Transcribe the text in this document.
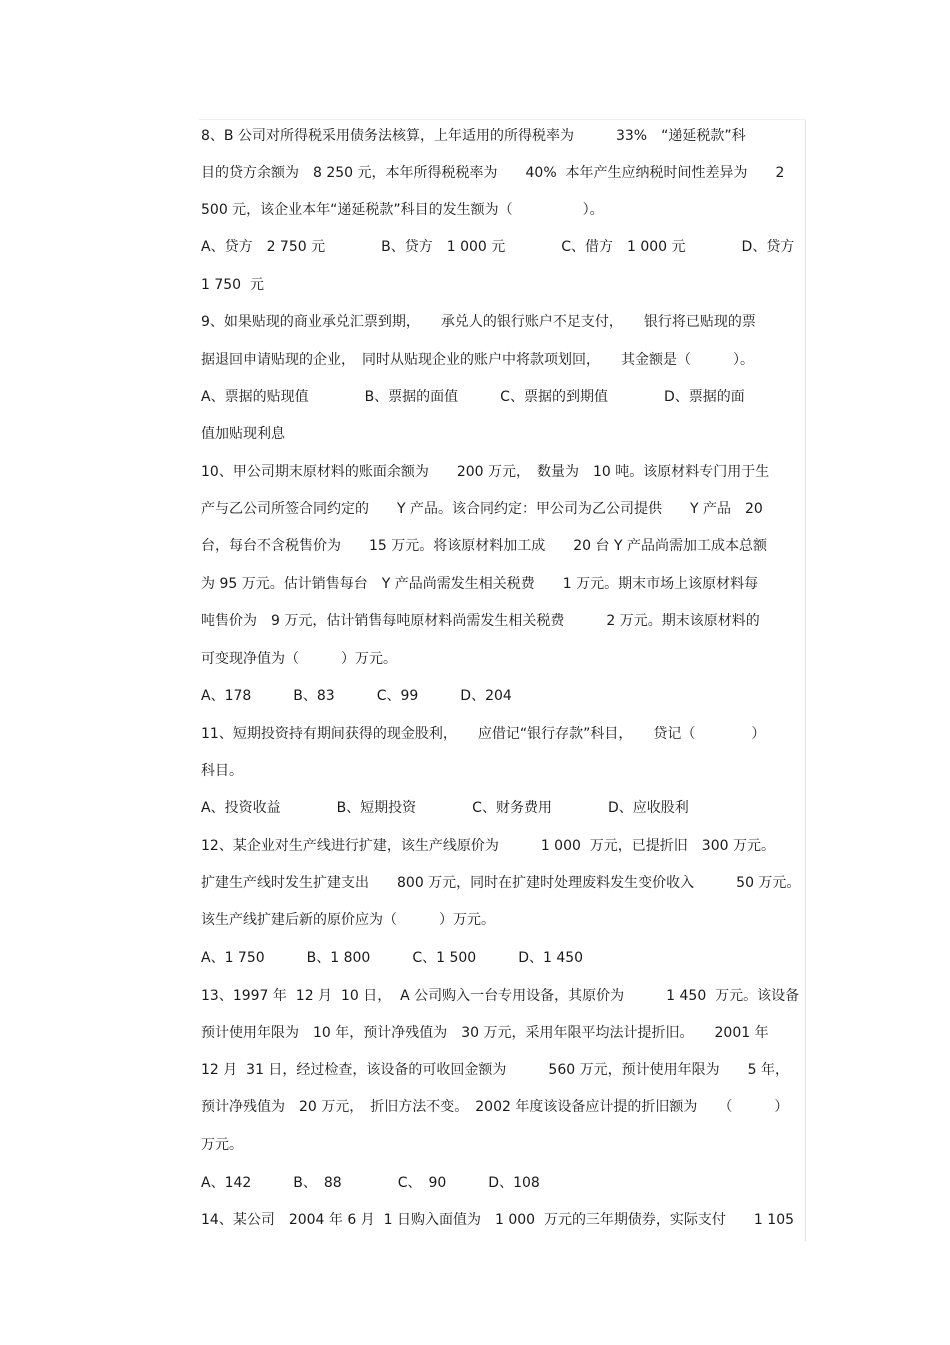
8、B 公司对所得税采用债务法核算，上年适用的所得税率为　　　33%　“递延税款”科
目的贷方余额为　8 250 元，本年所得税税率为　　40%  本年产生应纳税时间性差异为　　2
500 元，该企业本年“递延税款”科目的发生额为（　　　　　）。
A、贷方　2 750 元　　　　B、贷方　1 000 元　　　　C、借方　1 000 元　　　　D、贷方
1 750  元
9、如果贴现的商业承兑汇票到期，　　承兑人的银行账户不足支付，　　银行将已贴现的票
据退回申请贴现的企业，　同时从贴现企业的账户中将款项划回，　　其金额是（　　　）。
A、票据的贴现值　　　　B、票据的面值　　　C、票据的到期值　　　　D、票据的面
值加贴现利息
10、甲公司期末原材料的账面余额为　　200 万元，　数量为　10 吨。该原材料专门用于生
产与乙公司所签合同约定的　　Y 产品。该合同约定：甲公司为乙公司提供　　Y 产品　20
台，每台不含税售价为　　15 万元。将该原材料加工成　　20 台 Y 产品尚需加工成本总额
为 95 万元。估计销售每台　Y 产品尚需发生相关税费　　1 万元。期末市场上该原材料每
吨售价为　9 万元，估计销售每吨原材料尚需发生相关税费　　　2 万元。期末该原材料的
可变现净值为（　　　）万元。
A、178　　　B、83　　　C、99　　　D、204
11、短期投资持有期间获得的现金股利，　　应借记“银行存款”科目，　　贷记（　　　　）
科目。
A、投资收益　　　　B、短期投资　　　　C、财务费用　　　　D、应收股利
12、某企业对生产线进行扩建，该生产线原价为　　　1 000  万元，已提折旧　300 万元。
扩建生产线时发生扩建支出　　800 万元，同时在扩建时处理废料发生变价收入　　　50 万元。
该生产线扩建后新的原价应为（　　　）万元。
A、1 750　　　B、1 800　　　C、1 500　　　D、1 450
13、1997 年  12 月  10 日，  A 公司购入一台专用设备，其原价为　　　1 450  万元。该设备
预计使用年限为　10 年，预计净残值为　30 万元，采用年限平均法计提折旧。　　2001 年
12 月  31 日，经过检查，该设备的可收回金额为　　　560 万元，预计使用年限为　　5 年，
预计净残值为　20 万元，　折旧方法不变。　2002 年度该设备应计提的折旧额为　　（　　　）
万元。
A、142　　　B、　88　　　　C、　90　　　D、108
14、某公司　2004 年 6 月  1 日购入面值为　1 000  万元的三年期债券，实际支付　　1 105
